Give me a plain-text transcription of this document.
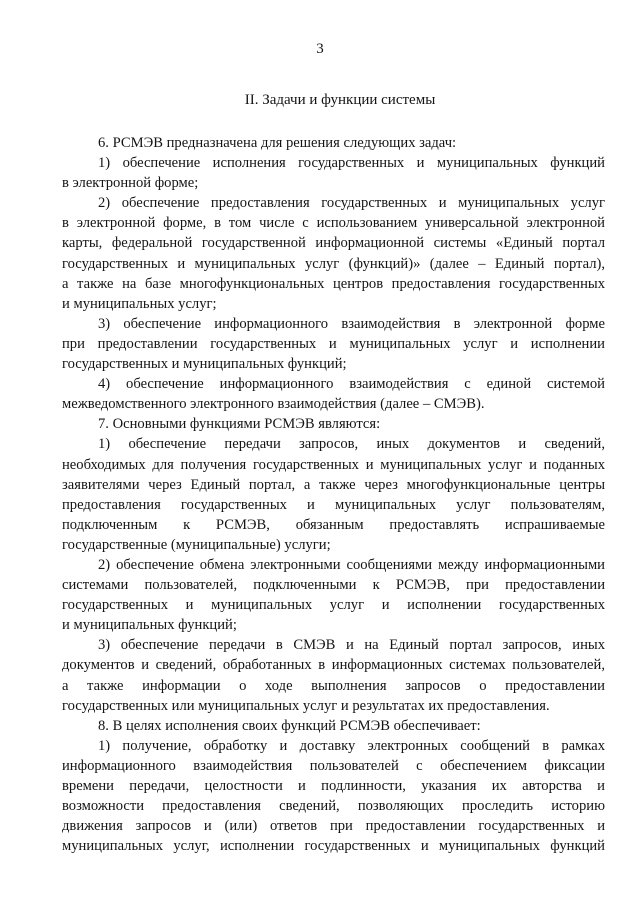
3
II. Задачи и функции системы
6. РСМЭВ предназначена для решения следующих задач:
1) обеспечение исполнения государственных и муниципальных функций
в электронной форме;
2) обеспечение предоставления государственных и муниципальных услуг
в электронной форме, в том числе с использованием универсальной электронной
карты, федеральной государственной информационной системы «Единый портал
государственных и муниципальных услуг (функций)» (далее – Единый портал),
а также на базе многофункциональных центров предоставления государственных
и муниципальных услуг;
3) обеспечение информационного взаимодействия в электронной форме
при предоставлении государственных и муниципальных услуг и исполнении
государственных и муниципальных функций;
4) обеспечение информационного взаимодействия с единой системой
межведомственного электронного взаимодействия (далее – СМЭВ).
7. Основными функциями РСМЭВ являются:
1) обеспечение передачи запросов, иных документов и сведений,
необходимых для получения государственных и муниципальных услуг и поданных
заявителями через Единый портал, а также через многофункциональные центры
предоставления государственных и муниципальных услуг пользователям,
подключенным к РСМЭВ, обязанным предоставлять испрашиваемые
государственные (муниципальные) услуги;
2) обеспечение обмена электронными сообщениями между информационными
системами пользователей, подключенными к РСМЭВ, при предоставлении
государственных и муниципальных услуг и исполнении государственных
и муниципальных функций;
3) обеспечение передачи в СМЭВ и на Единый портал запросов, иных
документов и сведений, обработанных в информационных системах пользователей,
а также информации о ходе выполнения запросов о предоставлении
государственных или муниципальных услуг и результатах их предоставления.
8. В целях исполнения своих функций РСМЭВ обеспечивает:
1) получение, обработку и доставку электронных сообщений в рамках
информационного взаимодействия пользователей с обеспечением фиксации
времени передачи, целостности и подлинности, указания их авторства и
возможности предоставления сведений, позволяющих проследить историю
движения запросов и (или) ответов при предоставлении государственных и
муниципальных услуг, исполнении государственных и муниципальных функций
